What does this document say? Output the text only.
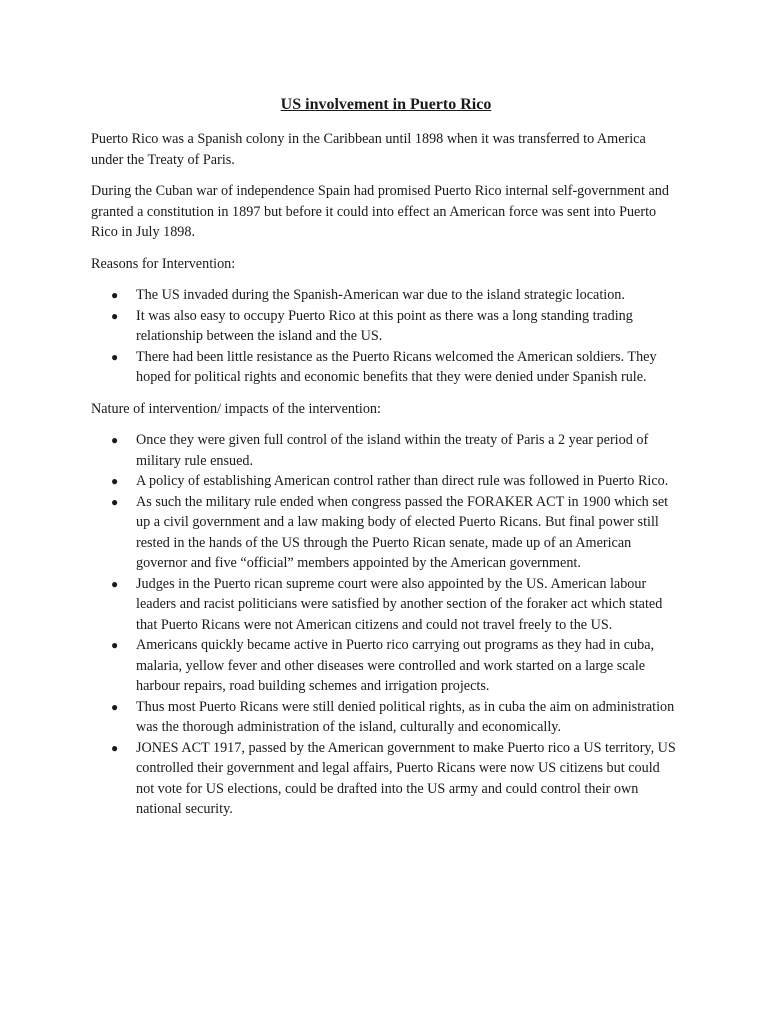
US involvement in Puerto Rico

Puerto Rico was a Spanish colony in the Caribbean until 1898 when it was transferred to America under the Treaty of Paris.

During the Cuban war of independence Spain had promised Puerto Rico internal self-government and granted a constitution in 1897 but before it could into effect an American force was sent into Puerto Rico in July 1898.

Reasons for Intervention:

● The US invaded during the Spanish-American war due to the island strategic location.
● It was also easy to occupy Puerto Rico at this point as there was a long standing trading relationship between the island and the US.
● There had been little resistance as the Puerto Ricans welcomed the American soldiers. They hoped for political rights and economic benefits that they were denied under Spanish rule.

Nature of intervention/ impacts of the intervention:

● Once they were given full control of the island within the treaty of Paris a 2 year period of military rule ensued.
● A policy of establishing American control rather than direct rule was followed in Puerto Rico.
● As such the military rule ended when congress passed the FORAKER ACT in 1900 which set up a civil government and a law making body of elected Puerto Ricans. But final power still rested in the hands of the US through the Puerto Rican senate, made up of an American governor and five “official” members appointed by the American government.
● Judges in the Puerto rican supreme court were also appointed by the US. American labour leaders and racist politicians were satisfied by another section of the foraker act which stated that Puerto Ricans were not American citizens and could not travel freely to the US.
● Americans quickly became active in Puerto rico carrying out programs as they had in cuba, malaria, yellow fever and other diseases were controlled and work started on a large scale harbour repairs, road building schemes and irrigation projects.
● Thus most Puerto Ricans were still denied political rights, as in cuba the aim on administration was the thorough administration of the island, culturally and economically.
● JONES ACT 1917, passed by the American government to make Puerto rico a US territory, US controlled their government and legal affairs, Puerto Ricans were now US citizens but could not vote for US elections, could be drafted into the US army and could control their own national security.
